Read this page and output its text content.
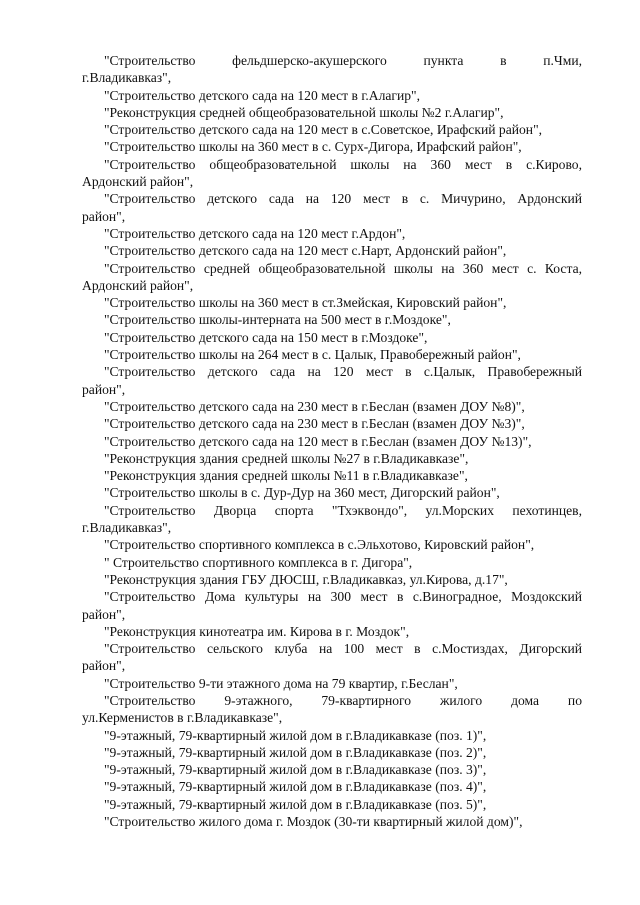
"Строительство фельдшерско-акушерского пункта в п.Чми,
г.Владикавказ",
"Строительство детского сада на 120 мест в г.Алагир",
"Реконструкция средней общеобразовательной школы №2 г.Алагир",
"Строительство детского сада на 120 мест в с.Советское, Ирафский район",
"Строительство школы на 360 мест в с. Сурх-Дигора, Ирафский район",
"Строительство общеобразовательной школы на 360 мест в с.Кирово,
Ардонский район",
"Строительство детского сада на 120 мест в с. Мичурино, Ардонский
район",
"Строительство детского сада на 120 мест г.Ардон",
"Строительство детского сада на 120 мест с.Нарт, Ардонский район",
"Строительство средней общеобразовательной школы на 360 мест с. Коста,
Ардонский район",
"Строительство школы на 360 мест в ст.Змейская, Кировский район",
"Строительство школы-интерната на 500 мест в г.Моздоке",
"Строительство детского сада на 150 мест в г.Моздоке",
"Строительство школы на 264 мест в с. Цалык, Правобережный район",
"Строительство детского сада на 120 мест в с.Цалык, Правобережный
район",
"Строительство детского сада на 230 мест в г.Беслан (взамен ДОУ №8)",
"Строительство детского сада на 230 мест в г.Беслан (взамен ДОУ №3)",
"Строительство детского сада на 120 мест в г.Беслан (взамен ДОУ №13)",
"Реконструкция здания средней школы №27 в г.Владикавказе",
"Реконструкция здания средней школы №11 в г.Владикавказе",
"Строительство школы в с. Дур-Дур на 360 мест, Дигорский район",
"Строительство Дворца спорта "Тхэквондо", ул.Морских пехотинцев,
г.Владикавказ",
"Строительство спортивного комплекса в с.Эльхотово, Кировский район",
" Строительство спортивного комплекса в г. Дигора",
"Реконструкция здания ГБУ ДЮСШ, г.Владикавказ, ул.Кирова, д.17",
"Строительство Дома культуры на 300 мест в с.Виноградное, Моздокский
район",
"Реконструкция кинотеатра им. Кирова в г. Моздок",
"Строительство сельского клуба на 100 мест в с.Мостиздах, Дигорский
район",
"Строительство 9-ти этажного дома на 79 квартир, г.Беслан",
"Строительство 9-этажного, 79-квартирного жилого дома по
ул.Керменистов в г.Владикавказе",
"9-этажный, 79-квартирный жилой дом в г.Владикавказе (поз. 1)",
"9-этажный, 79-квартирный жилой дом в г.Владикавказе (поз. 2)",
"9-этажный, 79-квартирный жилой дом в г.Владикавказе (поз. 3)",
"9-этажный, 79-квартирный жилой дом в г.Владикавказе (поз. 4)",
"9-этажный, 79-квартирный жилой дом в г.Владикавказе (поз. 5)",
"Строительство жилого дома г. Моздок (30-ти квартирный жилой дом)",
